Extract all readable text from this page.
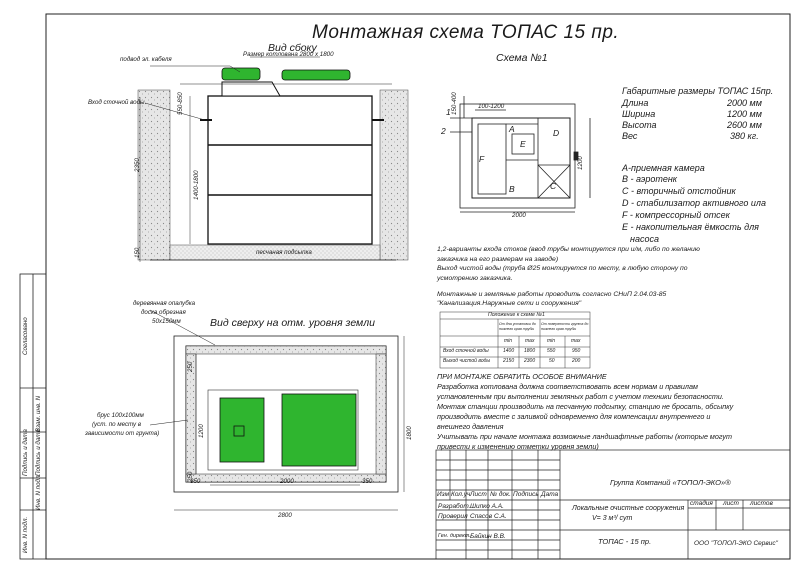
Монтажная схема ТОПАС 15 пр.
Вид сбоку
Размер котлована 2800 х 1800
подвод эл. кабеля
Вход сточной воды
песчаная подсыпка
550-850
1400-1800
2350
150
Схема №1
100-1200
150-400
1200
2000
1
2	A
B	C
D
E
F
Габаритные размеры ТОПАС 15пр.
Длина	2000 мм
Ширина	1200 мм
Высота	2600 мм
Вес	380 кг.
A-приемная камера
B - аэротенк
C - вторичный отстойник
D - стабилизатор активного ила
F - компрессорный отсек
E - накопительная ёмкость для
насоса
1,2-варианты входа стоков (ввод трубы монтируется при и/м, либо по желанию
заказчика на его размерам на заводе)
Выход чистой воды (труба Ø25 монтируется по месту, в любую сторону по
усмотрению заказчика.
Монтажные и земляные работы проводить согласно СНиП 2.04.03-85
"Канализация.Наружные сети и сооружения"
Положение к схеме №1
От дна установки до нижнего края трубы
От поверхности грунта до нижнего края трубы
min	max	min	max
Вход сточной воды	1400 1800 550	950
Выход чистой воды	2150 2300	50	200
ПРИ МОНТАЖЕ ОБРАТИТЬ ОСОБОЕ ВНИМАНИЕ
Разработка котлована должна соответствовать всем нормам и правилам
установленным при выполнении земляных работ с учетом техники безопасности.
Монтаж станции производить на песчанную подсыпку, станцию не бросать, обсыпку
производить вместе с заливкой одновременно для компенсации внутреннего и
внешнего давления
Учитывать при начале монтажа возможные ландшафтные работы (которые могут
привести к изменению отметки уровня земли)
Вид сверху на отм. уровня земли
деревянная опалубка
доска обрезная
50x150мм
брус 100x100мм
(уст. по месту в
зависимости от грунта)
2000
2800
350	350
1200	1800
250
250
Согласовано
Взам. инв. N
Подпись и дата
Инв. N подл.
Подпись и дата
Инв. N подл.
Группа Компаний «ТОПОЛ-ЭКО»®
Изм Кол.уч Лист № док. Подпись Дата
Разработ. Шипко А.А.
Проверил Спасов С.А.
Ген. директ. Байкин В.В.
Локальные очистные сооружения
V= 3 м³/ сут
стадия лист листов
ТОПАС - 15 пр.	ООО "ТОПОЛ-ЭКО Сервис"
